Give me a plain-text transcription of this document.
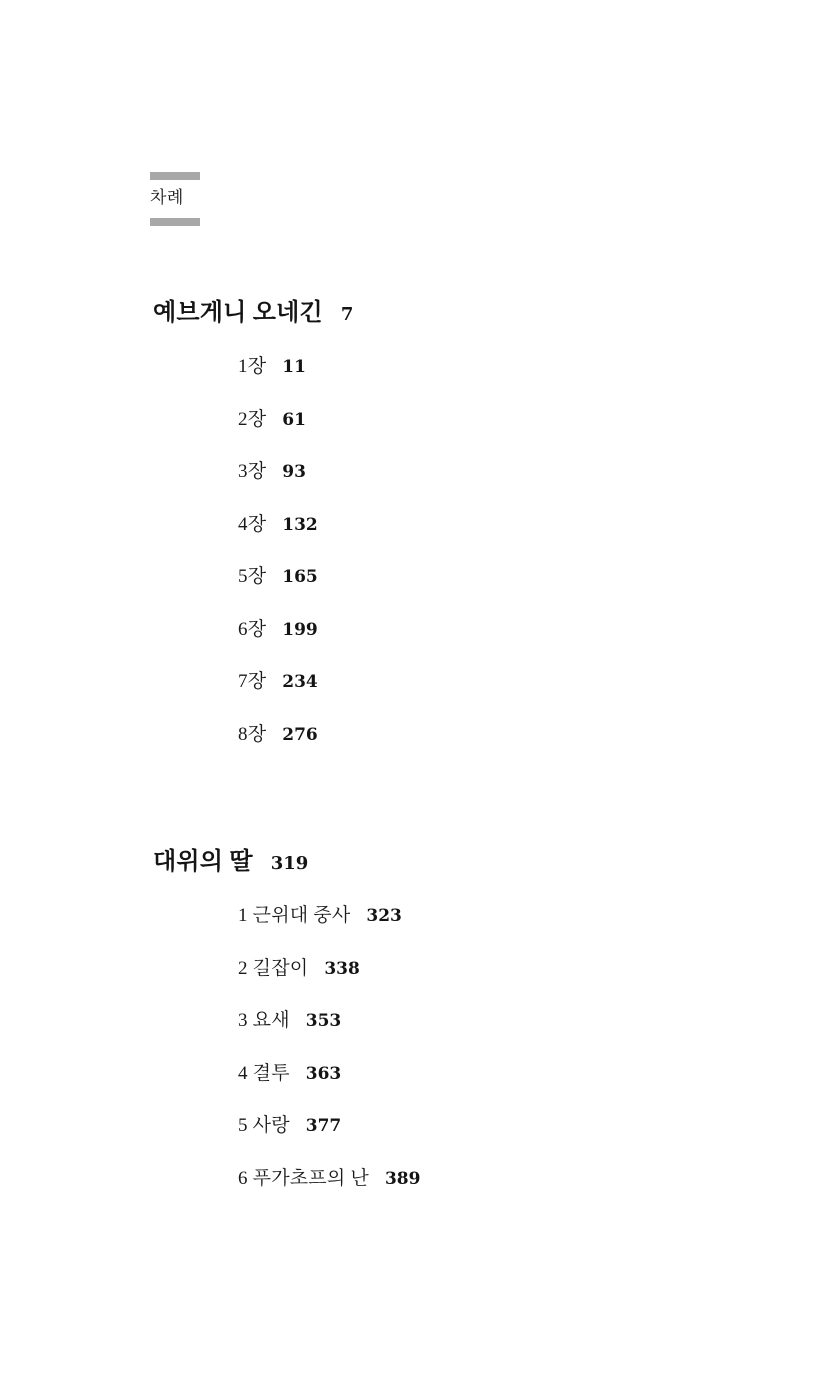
차례
예브게니 오네긴 7
1장 11
2장 61
3장 93
4장 132
5장 165
6장 199
7장 234
8장 276
대위의 딸 319
1 근위대 중사 323
2 길잡이 338
3 요새 353
4 결투 363
5 사랑 377
6 푸가초프의 난 389
